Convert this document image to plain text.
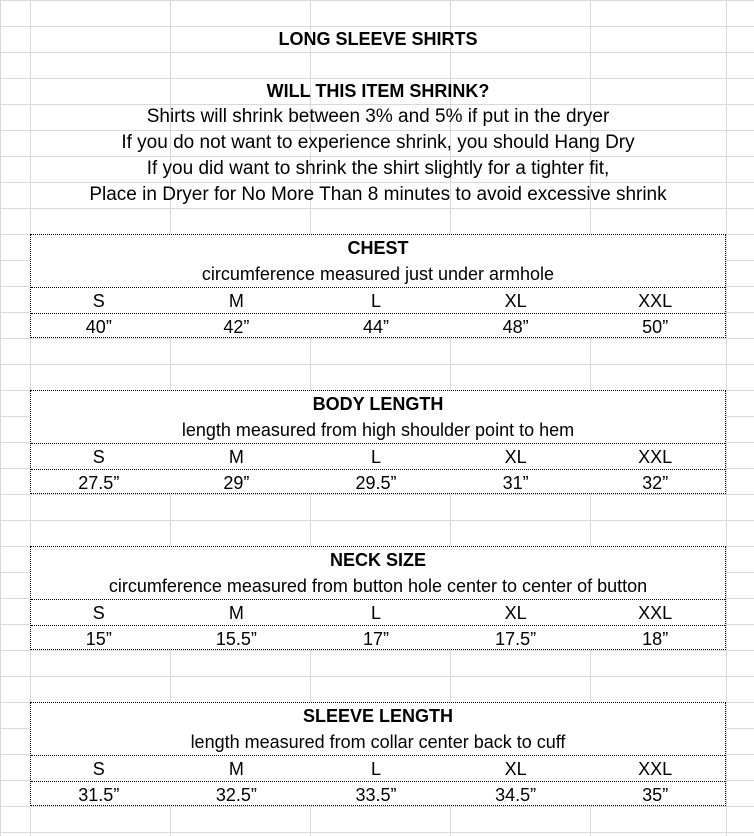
LONG SLEEVE SHIRTS
WILL THIS ITEM SHRINK?
Shirts will shrink between 3% and 5% if put in the dryer
If you do not want to experience shrink, you should Hang Dry
If you did want to shrink the shirt slightly for a tighter fit,
Place in Dryer for No More Than 8 minutes to avoid excessive shrink
CHEST
circumference measured just under armhole
S	M	L	XL	XXL
40”	42”	44”	48”	50”
BODY LENGTH
length measured from high shoulder point to hem
S	M	L	XL	XXL
27.5”	29”	29.5”	31”	32”
NECK SIZE
circumference measured from button hole center to center of button
S	M	L	XL	XXL
15”	15.5”	17”	17.5”	18”
SLEEVE LENGTH
length measured from collar center back to cuff
S	M	L	XL	XXL
31.5”	32.5”	33.5”	34.5”	35”
